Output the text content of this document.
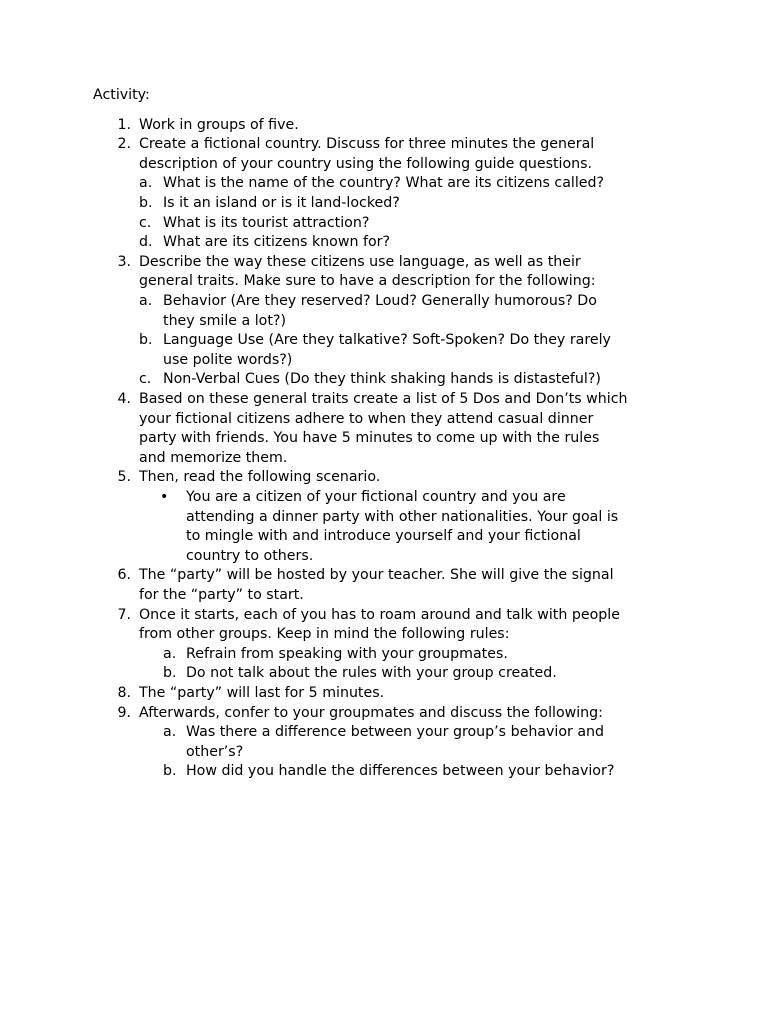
Activity:
1. Work in groups of five.
2. Create a fictional country. Discuss for three minutes the general
description of your country using the following guide questions.
a. What is the name of the country? What are its citizens called?
b. Is it an island or is it land-locked?
c. What is its tourist attraction?
d. What are its citizens known for?
3. Describe the way these citizens use language, as well as their
general traits. Make sure to have a description for the following:
a. Behavior (Are they reserved? Loud? Generally humorous? Do
they smile a lot?)
b. Language Use (Are they talkative? Soft-Spoken? Do they rarely
use polite words?)
c. Non-Verbal Cues (Do they think shaking hands is distasteful?)
4. Based on these general traits create a list of 5 Dos and Don’ts which
your fictional citizens adhere to when they attend casual dinner
party with friends. You have 5 minutes to come up with the rules
and memorize them.
5. Then, read the following scenario.
• You are a citizen of your fictional country and you are
attending a dinner party with other nationalities. Your goal is
to mingle with and introduce yourself and your fictional
country to others.
6. The “party” will be hosted by your teacher. She will give the signal
for the “party” to start.
7. Once it starts, each of you has to roam around and talk with people
from other groups. Keep in mind the following rules:
a. Refrain from speaking with your groupmates.
b. Do not talk about the rules with your group created.
8. The “party” will last for 5 minutes.
9. Afterwards, confer to your groupmates and discuss the following:
a. Was there a difference between your group’s behavior and
other’s?
b. How did you handle the differences between your behavior?
